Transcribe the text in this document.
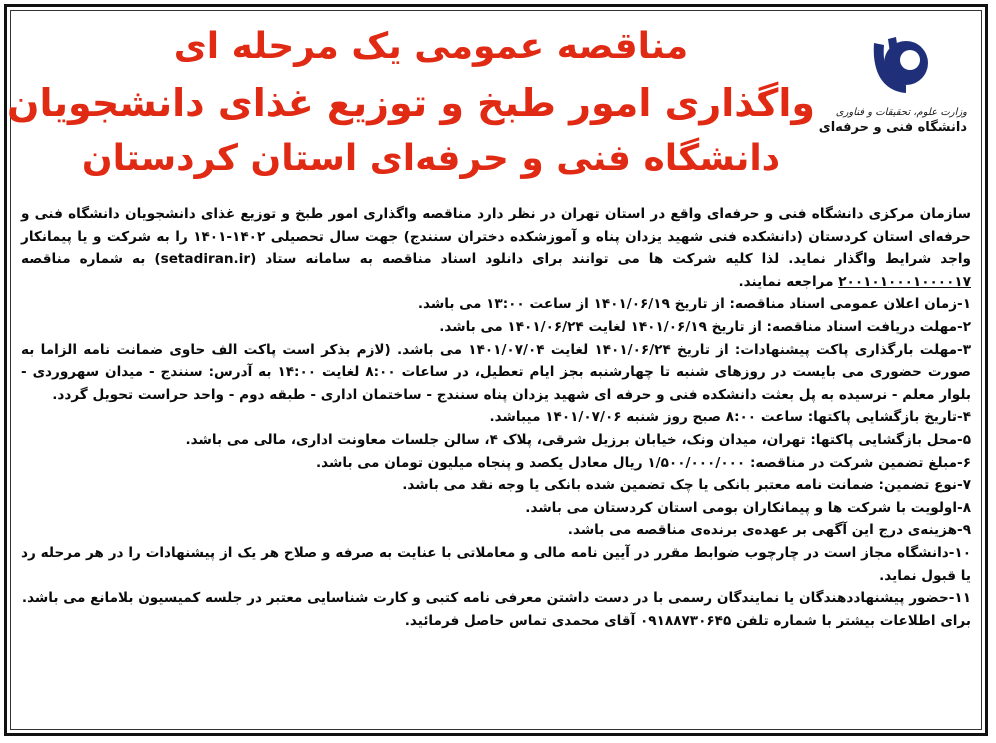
وزارت علوم، تحقیقات و فناوری
دانشگاه فنی و حرفه‌ای
مناقصه عمومی یک مرحله ای
واگذاری امور طبخ و توزیع غذای دانشجویان
دانشگاه فنی و حرفه‌ای استان کردستان

سازمان مرکزی دانشگاه فنی و حرفه‌ای واقع در استان تهران در نظر دارد مناقصه واگذاری امور طبخ و توزیع غذای دانشجویان دانشگاه فنی و حرفه‌ای استان کردستان (دانشکده فنی شهید یزدان پناه و آموزشکده دختران سنندج) جهت سال تحصیلی ۱۴۰۲-۱۴۰۱ را به شرکت و یا پیمانکار واجد شرایط واگذار نماید. لذا کلیه شرکت ها می توانند برای دانلود اسناد مناقصه به سامانه ستاد (setadiran.ir) به شماره مناقصه ۲۰۰۱۰۱۰۰۰۱۰۰۰۰۱۷ مراجعه نمایند.

۱-زمان اعلان عمومی اسناد مناقصه: از تاریخ ۱۴۰۱/۰۶/۱۹ از ساعت ۱۳:۰۰ می باشد.

۲-مهلت دریافت اسناد مناقصه: از تاریخ ۱۴۰۱/۰۶/۱۹ لغایت ۱۴۰۱/۰۶/۲۴ می باشد.

۳-مهلت بارگذاری پاکت پیشنهادات: از تاریخ ۱۴۰۱/۰۶/۲۴ لغایت ۱۴۰۱/۰۷/۰۴ می باشد. (لازم بذکر است پاکت الف حاوی ضمانت نامه الزاما به صورت حضوری می بایست در روزهای شنبه تا چهارشنبه بجز ایام تعطیل، در ساعات ۸:۰۰ لغایت ۱۴:۰۰ به آدرس: سنندج - میدان سهروردی - بلوار معلم - نرسیده به پل بعثت دانشکده فنی و حرفه ای شهید یزدان پناه سنندج - ساختمان اداری - طبقه دوم - واحد حراست تحویل گردد.

۴-تاریخ بازگشایی پاکتها: ساعت ۸:۰۰ صبح روز شنبه ۱۴۰۱/۰۷/۰۶ میباشد.

۵-محل بازگشایی پاکتها: تهران، میدان ونک، خیابان برزیل شرقی، پلاک ۴، سالن جلسات معاونت اداری، مالی می باشد.

۶-مبلغ تضمین شرکت در مناقصه: ۱/۵۰۰/۰۰۰/۰۰۰ ریال معادل یکصد و پنجاه میلیون تومان می باشد.

۷-نوع تضمین: ضمانت نامه معتبر بانکی یا چک تضمین شده بانکی یا وجه نقد می باشد.

۸-اولویت با شرکت ها و پیمانکاران بومی استان کردستان می باشد.

۹-هزینه‌ی درج این آگهی بر عهده‌ی برنده‌ی مناقصه می باشد.

۱۰-دانشگاه مجاز است در چارچوب ضوابط مقرر در آیین نامه مالی و معاملاتی با عنایت به صرفه و صلاح هر یک از پیشنهادات را در هر مرحله رد یا قبول نماید.

۱۱-حضور پیشنهاددهندگان یا نمایندگان رسمی با در دست داشتن معرفی نامه کتبی و کارت شناسایی معتبر در جلسه کمیسیون بلامانع می باشد.

برای اطلاعات بیشتر با شماره تلفن ۰۹۱۸۸۷۳۰۶۴۵ آقای محمدی تماس حاصل فرمائید.
